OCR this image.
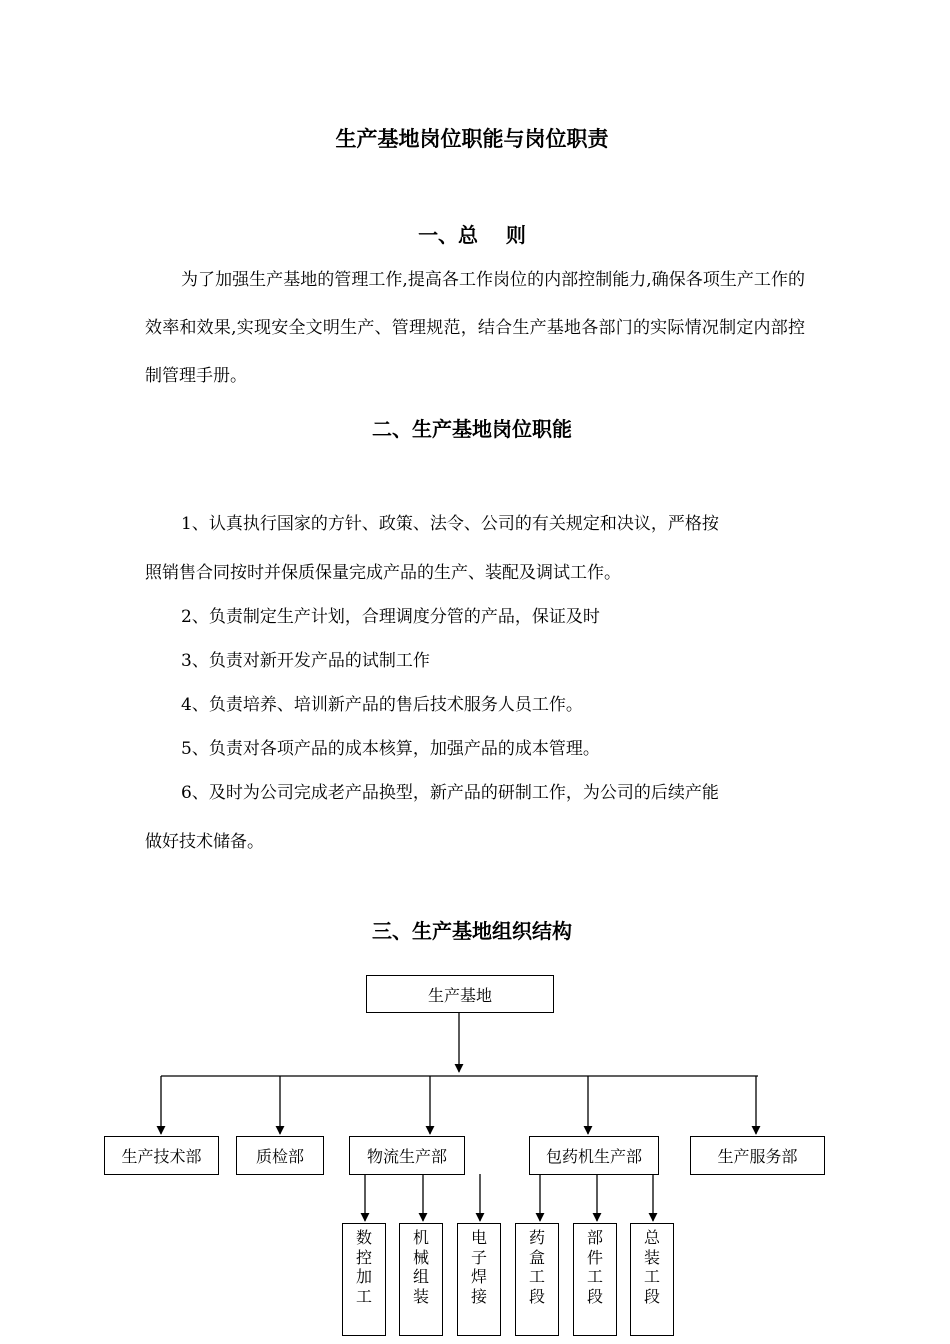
生产基地岗位职能与岗位职责
一、总    则

为了加强生产基地的管理工作,提高各工作岗位的内部控制能力,确保各项生产工作的效率和效果,实现安全文明生产、管理规范，结合生产基地各部门的实际情况制定内部控制管理手册。

二、生产基地岗位职能

1、认真执行国家的方针、政策、法令、公司的有关规定和决议，严格按

照销售合同按时并保质保量完成产品的生产、装配及调试工作。

2、负责制定生产计划，合理调度分管的产品，保证及时

3、负责对新开发产品的试制工作

4、负责培养、培训新产品的售后技术服务人员工作。

5、负责对各项产品的成本核算，加强产品的成本管理。

6、及时为公司完成老产品换型，新产品的研制工作，为公司的后续产能

做好技术储备。

三、生产基地组织结构
生产基地
生产技术部	质检部	物流生产部	包药机生产部	生产服务部
数
控
加
工
机
械
组
装
电
子
焊
接
药
盒
工
段
部
件
工
段
总
装
工
段
